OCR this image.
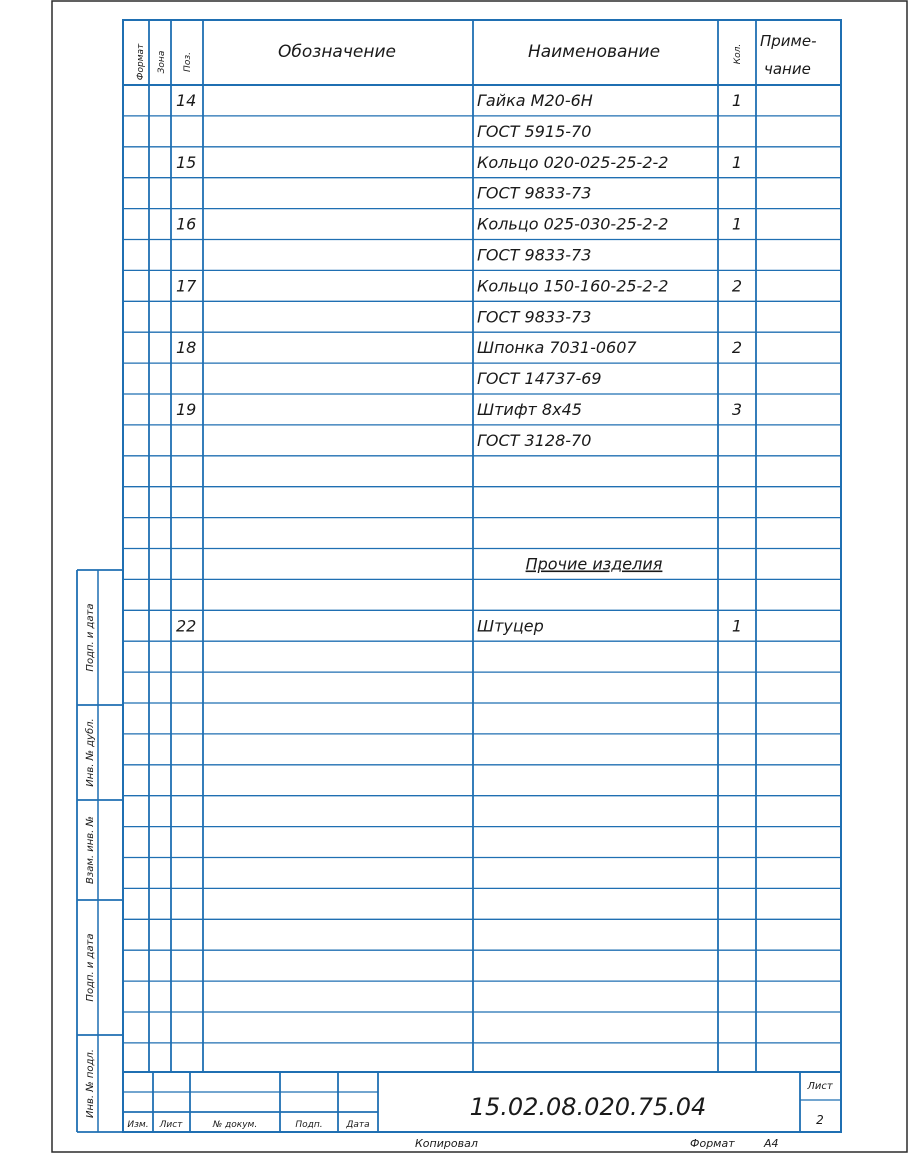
Формат Зона Поз.	Обозначение	Наименование	Кол.
Приме-
чание
14	Гайка М20-6Н	1
ГОСТ 5915-70
15	Кольцо 020-025-25-2-2	1
ГОСТ 9833-73
16	Кольцо 025-030-25-2-2	1
ГОСТ 9833-73
17	Кольцо 150-160-25-2-2	2
ГОСТ 9833-73
18	Шпонка 7031-0607	2
ГОСТ 14737-69
19	Штифт 8х45	3
ГОСТ 3128-70
Прочие изделия
22	Штуцер	1
Подп. и дата
Инв. № дубл.
Взам. инв. №
Подп. и дата
Инв. № подл.	15.02.08.020.75.04
Лист
2
Изм. Лист	№ докум.	Подп.	Дата
Копировал	Формат	А4
